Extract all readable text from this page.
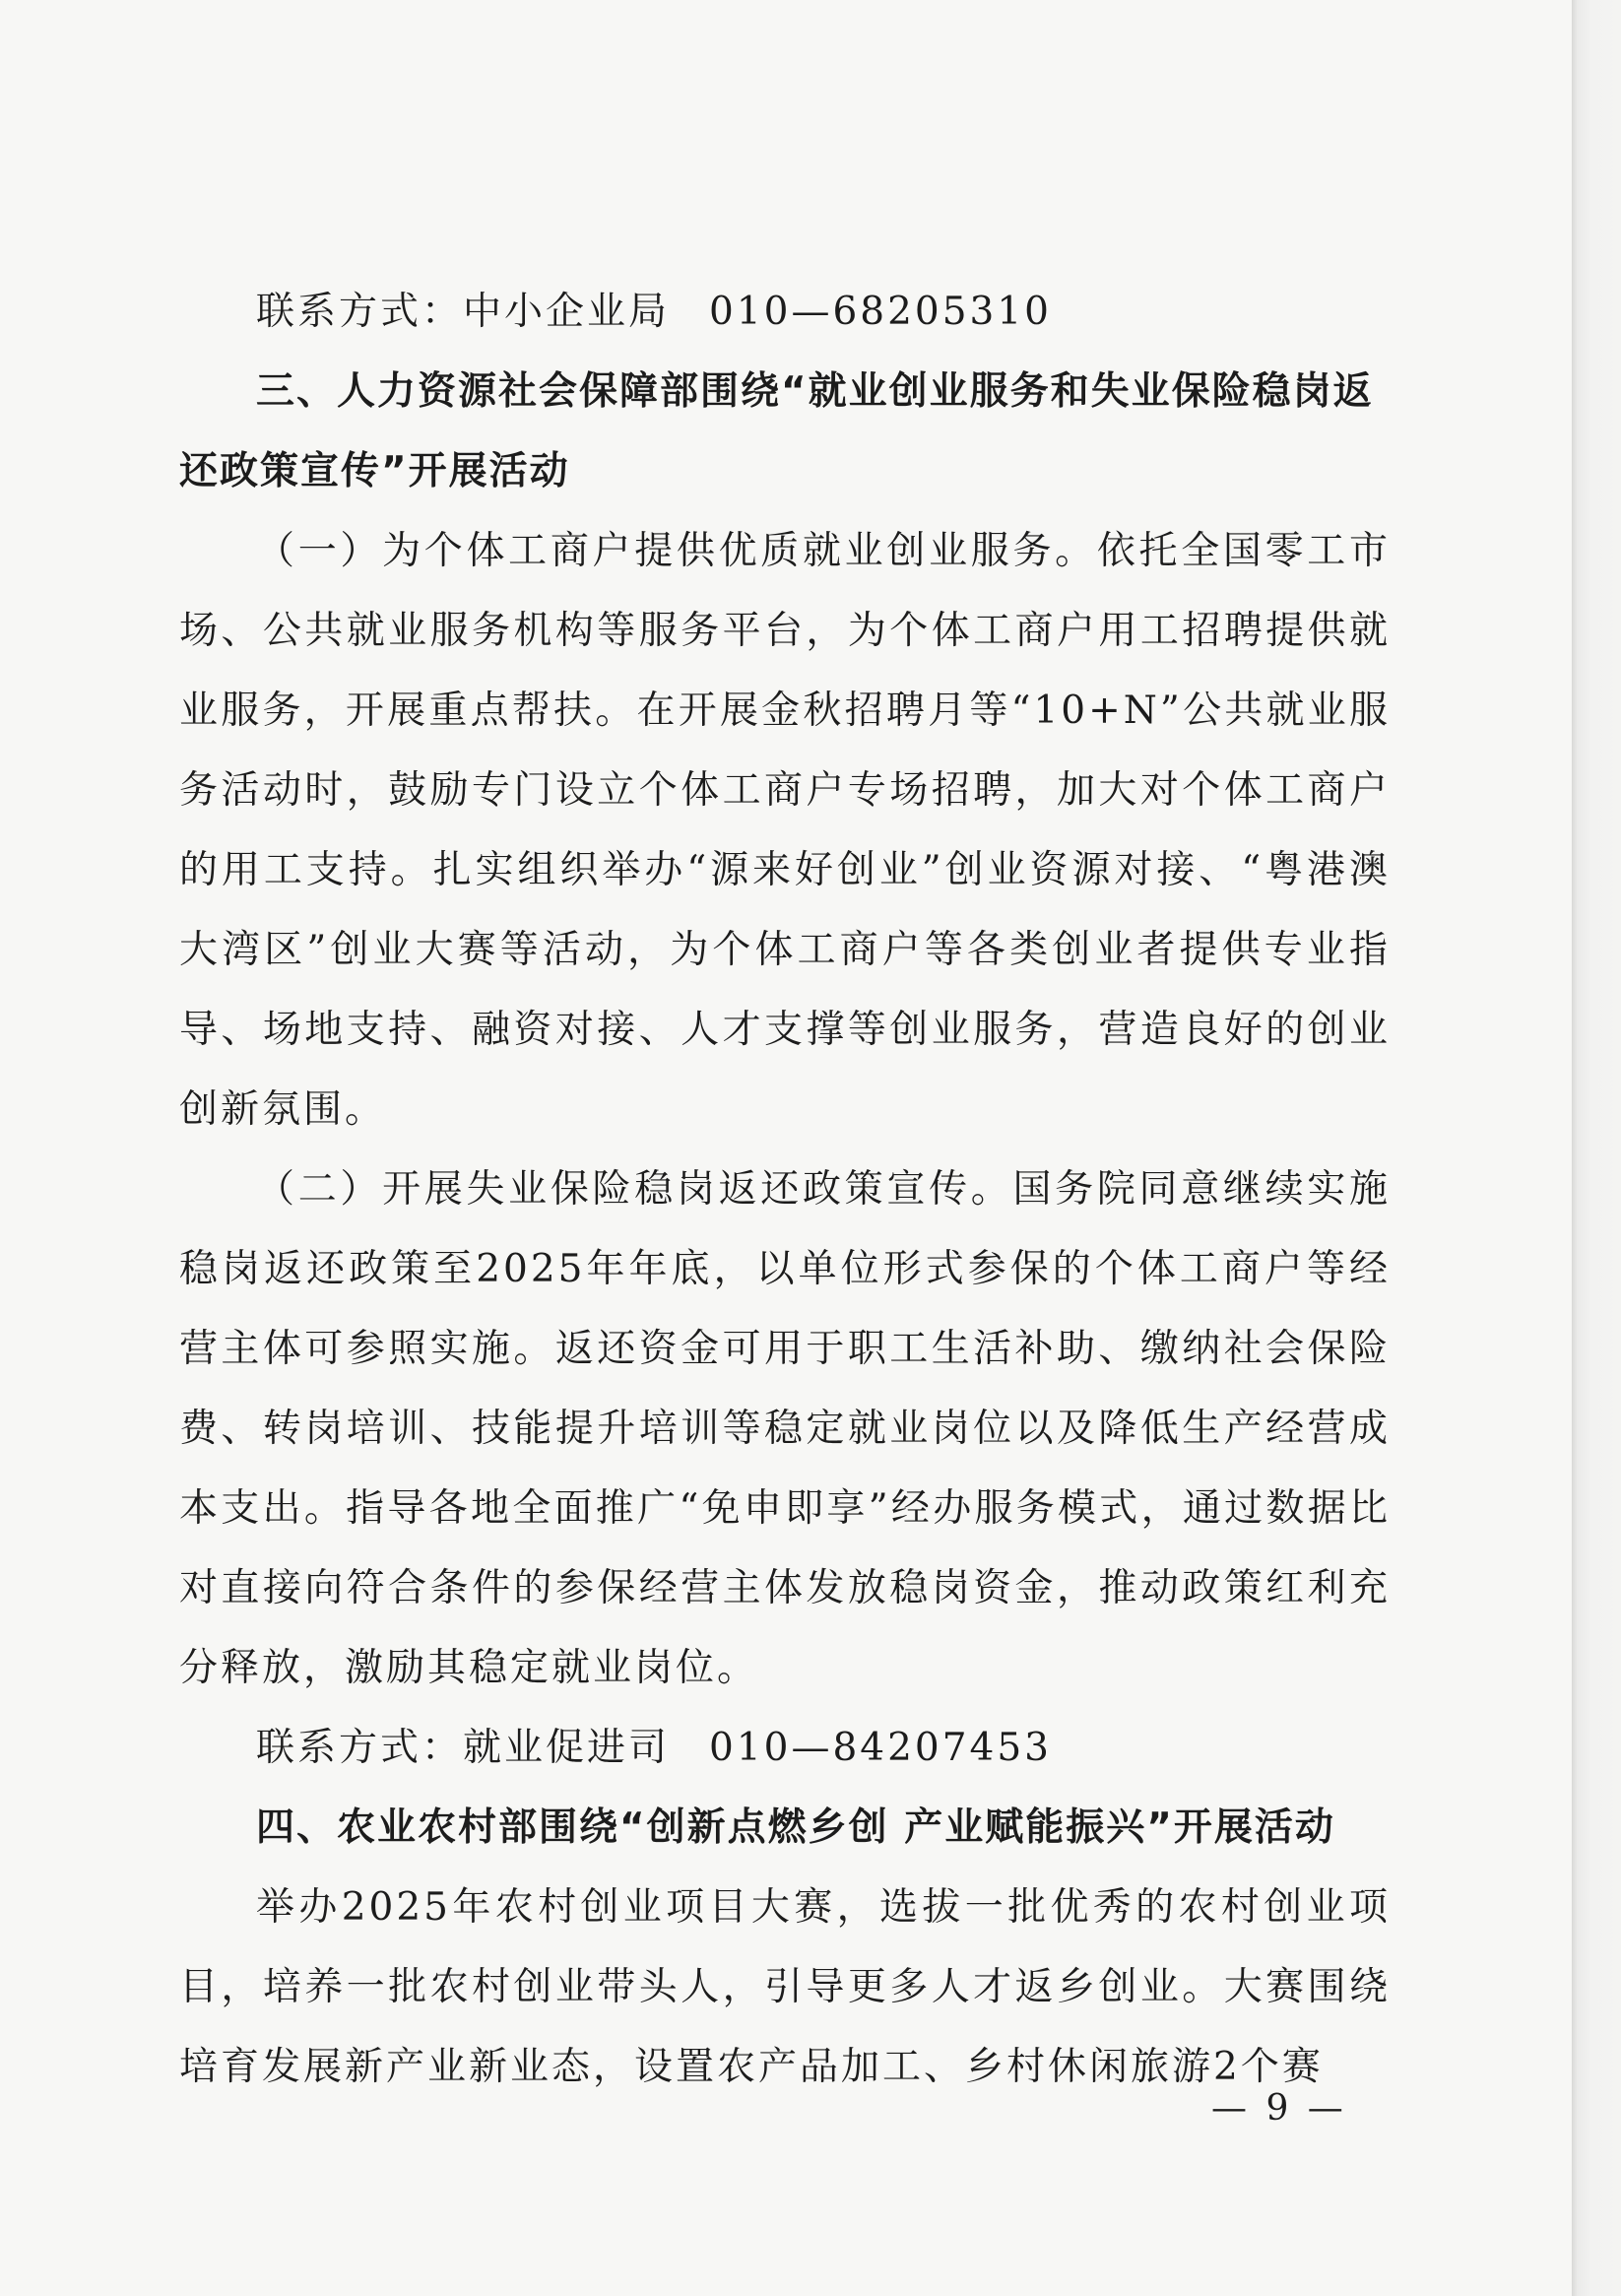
联系方式：中小企业局 010—68205310

三、人力资源社会保障部围绕“就业创业服务和失业保险稳岗返还政策宣传”开展活动

（一）为个体工商户提供优质就业创业服务。依托全国零工市场、公共就业服务机构等服务平台，为个体工商户用工招聘提供就业服务，开展重点帮扶。在开展金秋招聘月等“10+N”公共就业服务活动时，鼓励专门设立个体工商户专场招聘，加大对个体工商户的用工支持。扎实组织举办“源来好创业”创业资源对接、“粤港澳大湾区”创业大赛等活动，为个体工商户等各类创业者提供专业指导、场地支持、融资对接、人才支撑等创业服务，营造良好的创业创新氛围。

（二）开展失业保险稳岗返还政策宣传。国务院同意继续实施稳岗返还政策至2025年年底，以单位形式参保的个体工商户等经营主体可参照实施。返还资金可用于职工生活补助、缴纳社会保险费、转岗培训、技能提升培训等稳定就业岗位以及降低生产经营成本支出。指导各地全面推广“免申即享”经办服务模式，通过数据比对直接向符合条件的参保经营主体发放稳岗资金，推动政策红利充分释放，激励其稳定就业岗位。

联系方式：就业促进司 010—84207453

四、农业农村部围绕“创新点燃乡创 产业赋能振兴”开展活动

举办2025年农村创业项目大赛，选拔一批优秀的农村创业项目，培养一批农村创业带头人，引导更多人才返乡创业。大赛围绕培育发展新产业新业态，设置农产品加工、乡村休闲旅游2个赛

— 9 —
